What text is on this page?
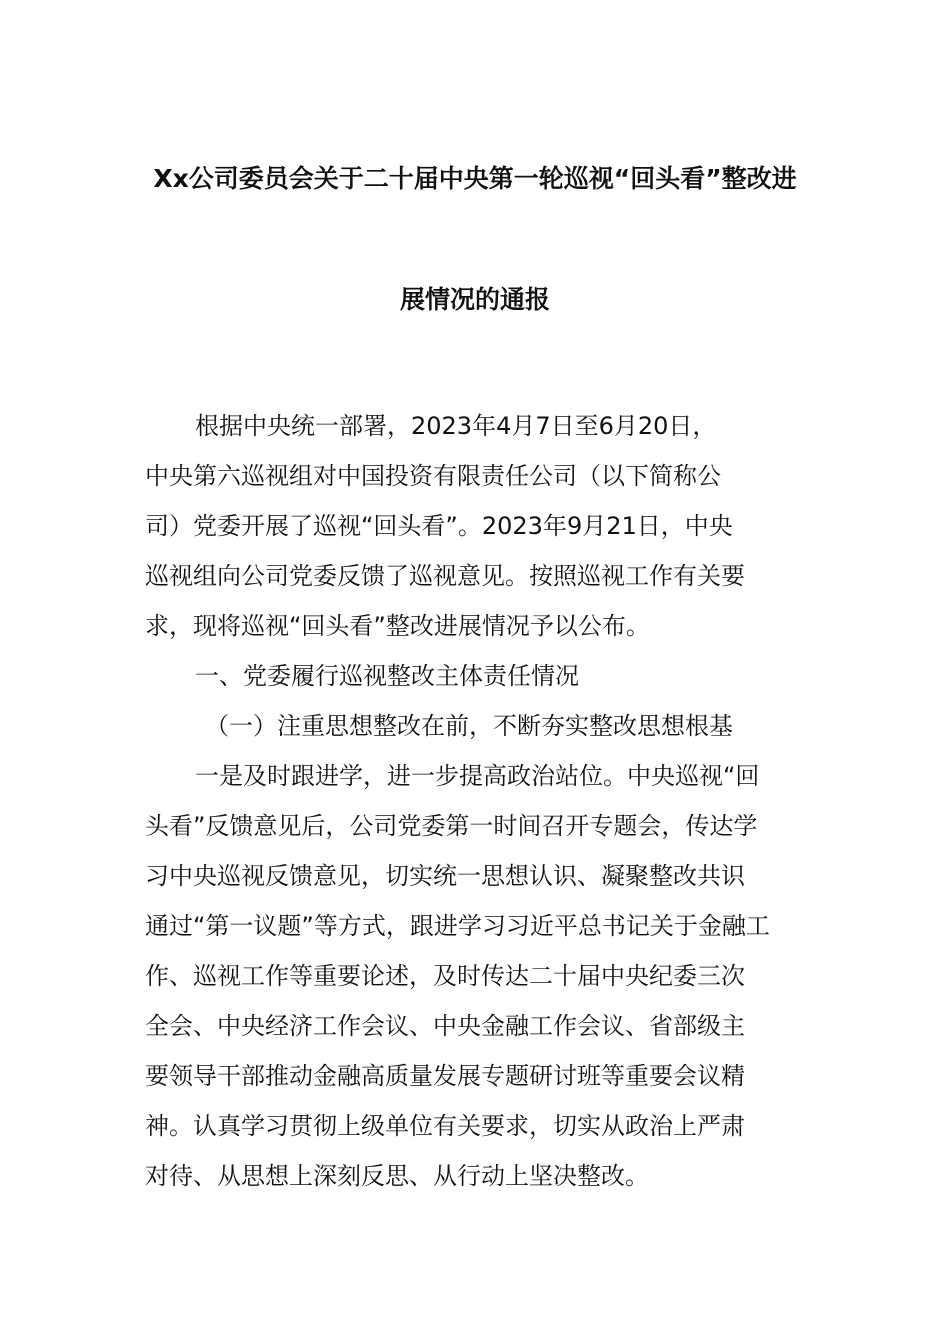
Xx公司委员会关于二十届中央第一轮巡视“回头看”整改进
展情况的通报
根据中央统一部署，2023年4月7日至6月20日，
中央第六巡视组对中国投资有限责任公司（以下简称公
司）党委开展了巡视“回头看”。2023年9月21日，中央
巡视组向公司党委反馈了巡视意见。按照巡视工作有关要
求，现将巡视“回头看”整改进展情况予以公布。
一、党委履行巡视整改主体责任情况
（一）注重思想整改在前，不断夯实整改思想根基
一是及时跟进学，进一步提高政治站位。中央巡视“回
头看”反馈意见后，公司党委第一时间召开专题会，传达学
习中央巡视反馈意见，切实统一思想认识、凝聚整改共识
通过“第一议题”等方式，跟进学习习近平总书记关于金融工
作、巡视工作等重要论述，及时传达二十届中央纪委三次
全会、中央经济工作会议、中央金融工作会议、省部级主
要领导干部推动金融高质量发展专题研讨班等重要会议精
神。认真学习贯彻上级单位有关要求，切实从政治上严肃
对待、从思想上深刻反思、从行动上坚决整改。
